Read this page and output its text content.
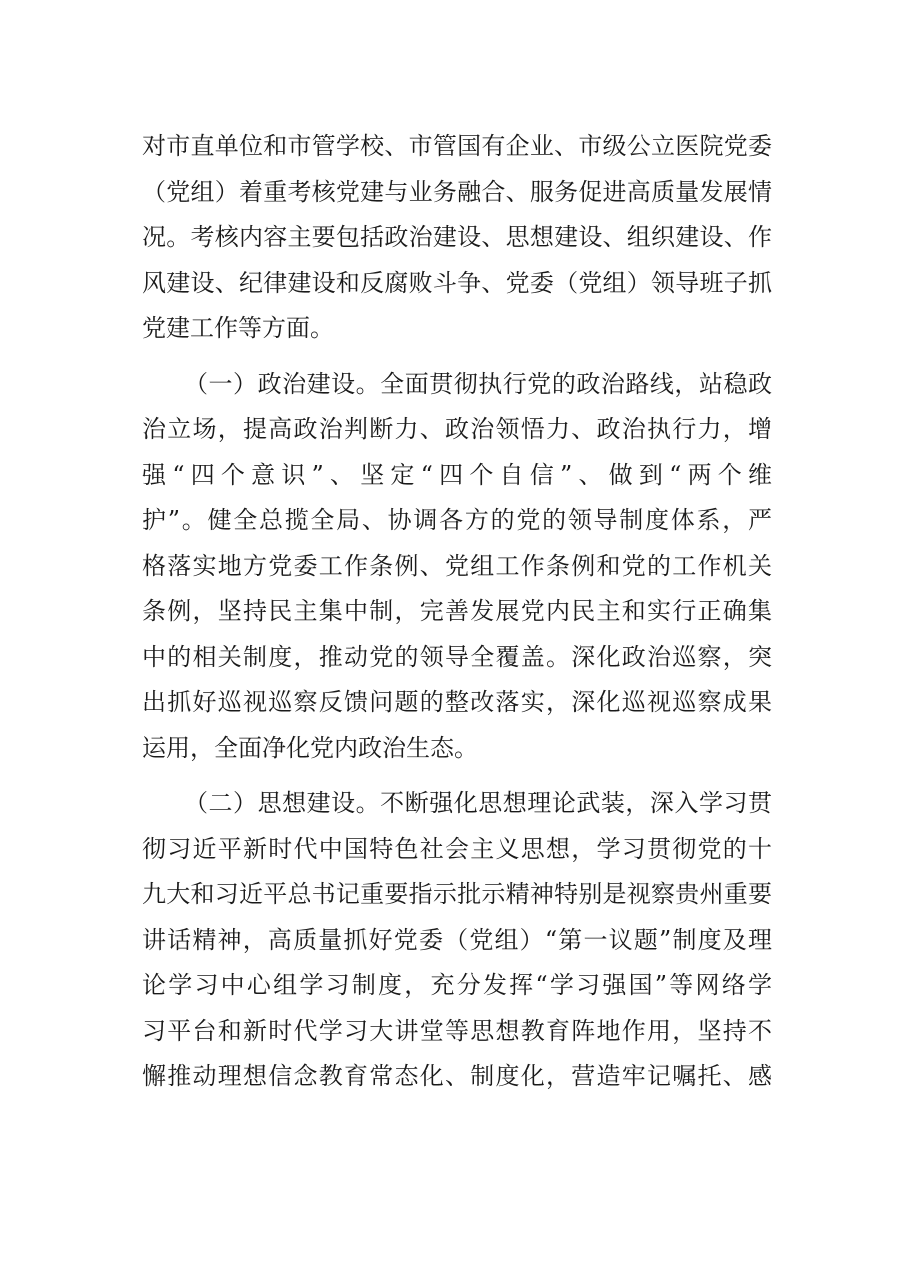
对市直单位和市管学校、市管国有企业、市级公立医院党委
（党组）着重考核党建与业务融合、服务促进高质量发展情
况。考核内容主要包括政治建设、思想建设、组织建设、作
风建设、纪律建设和反腐败斗争、党委（党组）领导班子抓
党建工作等方面。
（一）政治建设。全面贯彻执行党的政治路线，站稳政
治立场，提高政治判断力、政治领悟力、政治执行力，增
强“四个意识”、坚定“四个自信”、做到“两个维
护”。健全总揽全局、协调各方的党的领导制度体系，严
格落实地方党委工作条例、党组工作条例和党的工作机关
条例，坚持民主集中制，完善发展党内民主和实行正确集
中的相关制度，推动党的领导全覆盖。深化政治巡察，突
出抓好巡视巡察反馈问题的整改落实，深化巡视巡察成果
运用，全面净化党内政治生态。
（二）思想建设。不断强化思想理论武装，深入学习贯
彻习近平新时代中国特色社会主义思想，学习贯彻党的十
九大和习近平总书记重要指示批示精神特别是视察贵州重要
讲话精神，高质量抓好党委（党组）“第一议题”制度及理
论学习中心组学习制度，充分发挥“学习强国”等网络学
习平台和新时代学习大讲堂等思想教育阵地作用，坚持不
懈推动理想信念教育常态化、制度化，营造牢记嘱托、感
